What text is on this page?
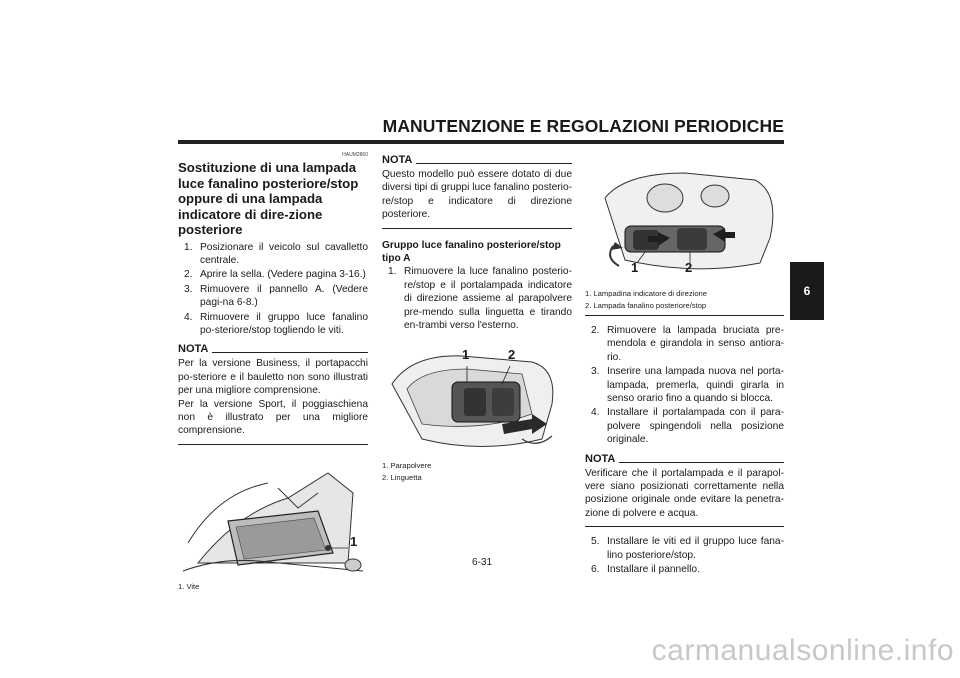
MANUTENZIONE E REGOLAZIONI PERIODICHE
6
HAUM2860
Sostituzione di una lampada luce fanalino posteriore/stop oppure di una lampada indicatore di dire-zione posteriore
1. Posizionare il veicolo sul cavalletto centrale.
2. Aprire la sella. (Vedere pagina 3-16.)
3. Rimuovere il pannello A. (Vedere pagi-na 6-8.)
4. Rimuovere il gruppo luce fanalino po-steriore/stop togliendo le viti.
NOTA

Per la versione Business, il portapacchi po-steriore e il bauletto non sono illustrati per una migliore comprensione.

Per la versione Sport, il poggiaschiena non è illustrato per una migliore comprensione.

1
1. Vite
NOTA

Questo modello può essere dotato di due diversi tipi di gruppi luce fanalino posterio-re/stop e indicatore di direzione posteriore.

Gruppo luce fanalino posteriore/stop tipo A
1. Rimuovere la luce fanalino posterio-re/stop e il portalampada indicatore di direzione assieme al parapolvere pre-mendo sulla linguetta e tirando en-trambi verso l'esterno.
1	2
1. Parapolvere
2. Linguetta
1	2
1. Lampadina indicatore di direzione
2. Lampada fanalino posteriore/stop
2. Rimuovere la lampada bruciata pre-mendola e girandola in senso antiora-rio.
3. Inserire una lampada nuova nel porta-lampada, premerla, quindi girarla in senso orario fino a quando si blocca.
4. Installare il portalampada con il para-polvere spingendoli nella posizione originale.
NOTA

Verificare che il portalampada e il parapol-vere siano posizionati correttamente nella posizione originale onde evitare la penetra-zione di polvere e acqua.

5. Installare le viti ed il gruppo luce fana-lino posteriore/stop.
6. Installare il pannello.
6-31
carmanualsonline.info
